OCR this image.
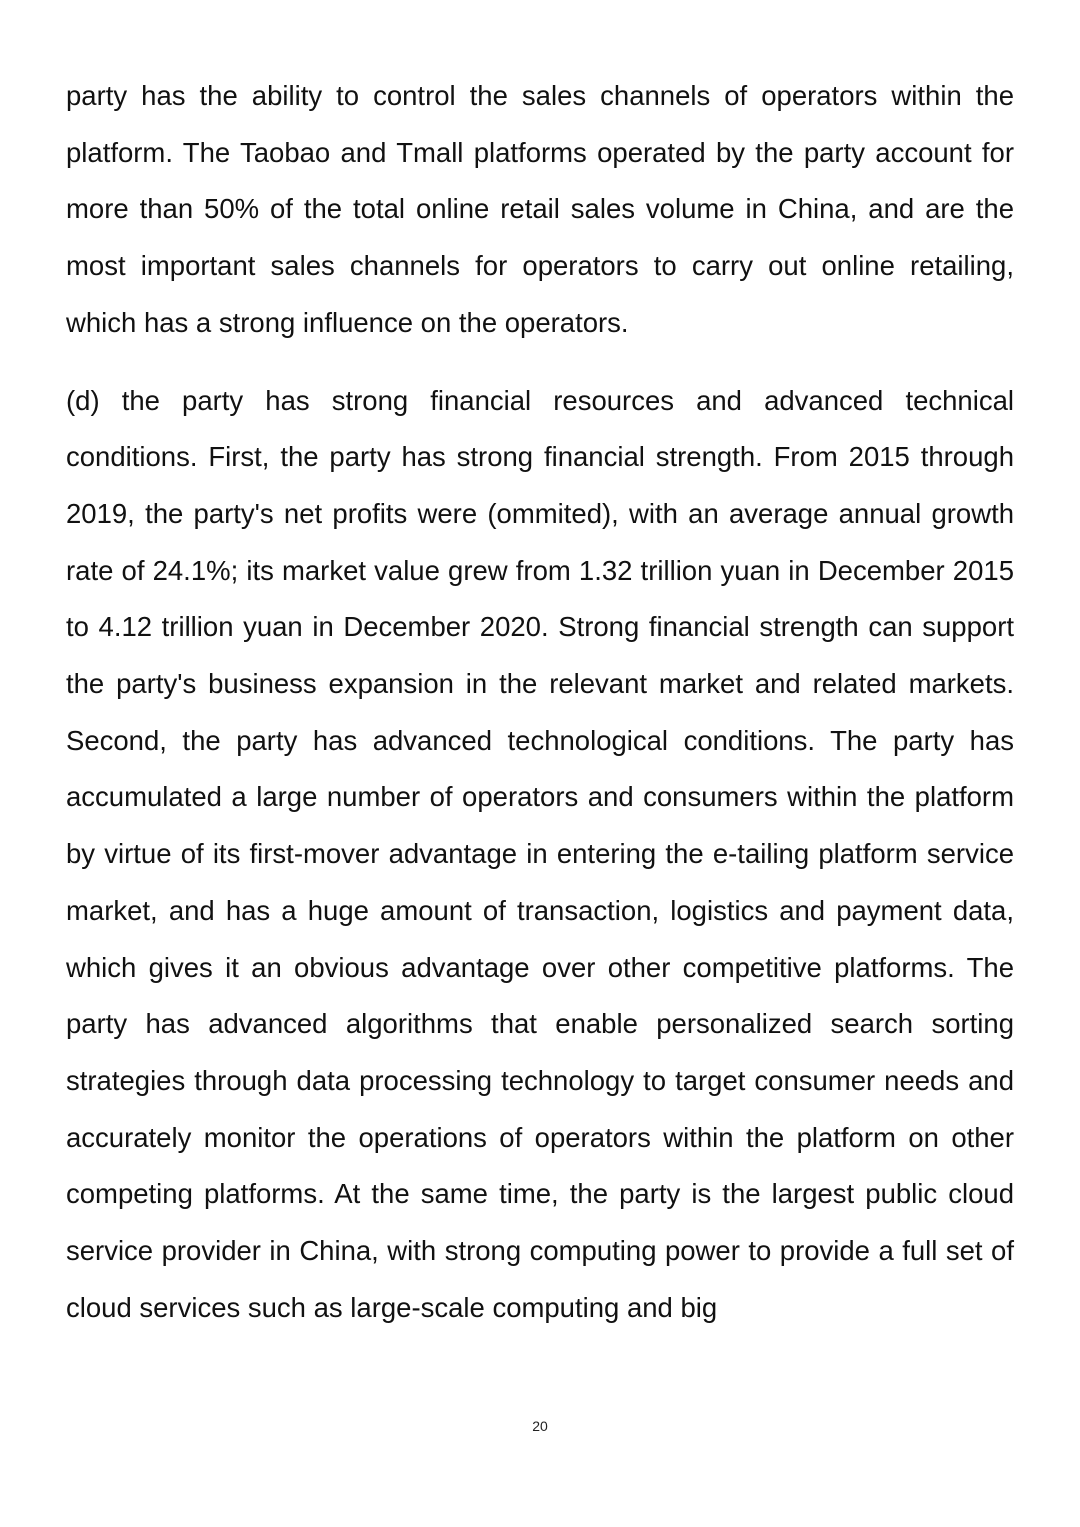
party has the ability to control the sales channels of operators within the platform. The Taobao and Tmall platforms operated by the party account for more than 50% of the total online retail sales volume in China, and are the most important sales channels for operators to carry out online retailing, which has a strong influence on the operators.

(d) the party has strong financial resources and advanced technical conditions. First, the party has strong financial strength. From 2015 through 2019, the party's net profits were (ommited), with an average annual growth rate of 24.1%; its market value grew from 1.32 trillion yuan in December 2015 to 4.12 trillion yuan in December 2020. Strong financial strength can support the party's business expansion in the relevant market and related markets. Second, the party has advanced technological conditions. The party has accumulated a large number of operators and consumers within the platform by virtue of its first-mover advantage in entering the e-tailing platform service market, and has a huge amount of transaction, logistics and payment data, which gives it an obvious advantage over other competitive platforms. The party has advanced algorithms that enable personalized search sorting strategies through data processing technology to target consumer needs and accurately monitor the operations of operators within the platform on other competing platforms. At the same time, the party is the largest public cloud service provider in China, with strong computing power to provide a full set of cloud services such as large-scale computing and big

20
